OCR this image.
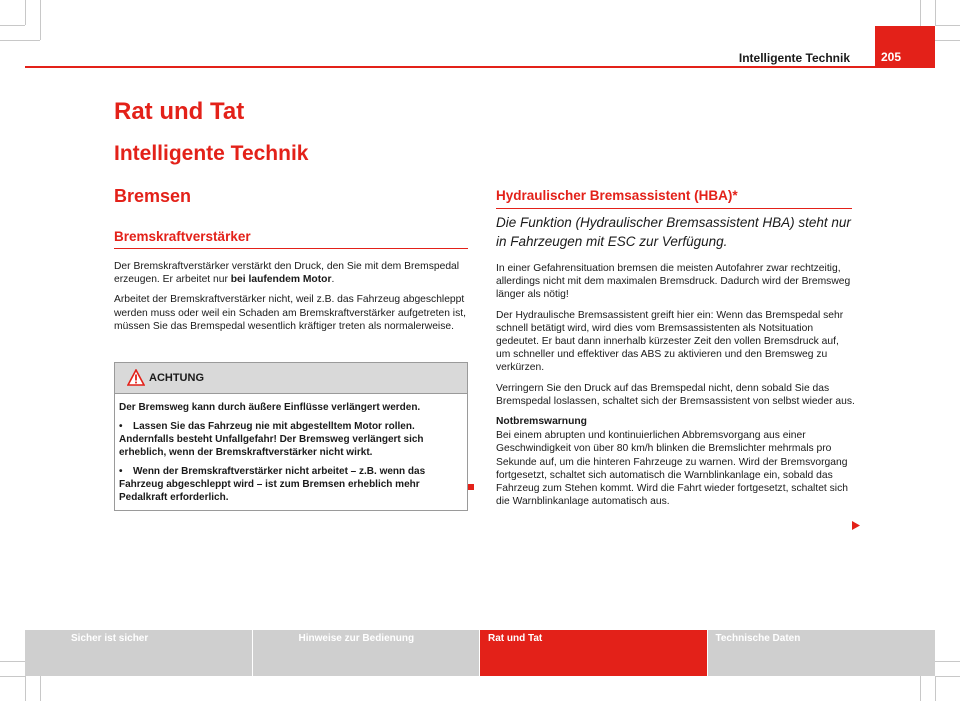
Intelligente Technik	205
Rat und Tat
Intelligente Technik
Bremsen
Bremskraftverstärker

Der Bremskraftverstärker verstärkt den Druck, den Sie mit dem Bremspedal erzeugen. Er arbeitet nur bei laufendem Motor.

Arbeitet der Bremskraftverstärker nicht, weil z.B. das Fahrzeug abgeschleppt werden muss oder weil ein Schaden am Bremskraftverstärker aufgetreten ist, müssen Sie das Bremspedal wesentlich kräftiger treten als normalerweise.

ACHTUNG

Der Bremsweg kann durch äußere Einflüsse verlängert werden.

• Lassen Sie das Fahrzeug nie mit abgestelltem Motor rollen. Andernfalls besteht Unfallgefahr! Der Bremsweg verlängert sich erheblich, wenn der Bremskraftverstärker nicht wirkt.

• Wenn der Bremskraftverstärker nicht arbeitet – z.B. wenn das Fahrzeug abgeschleppt wird – ist zum Bremsen erheblich mehr Pedalkraft erforderlich.

Hydraulischer Bremsassistent (HBA)*
Die Funktion (Hydraulischer Bremsassistent HBA) steht nur in Fahrzeugen mit ESC zur Verfügung.

In einer Gefahrensituation bremsen die meisten Autofahrer zwar rechtzeitig, allerdings nicht mit dem maximalen Bremsdruck. Dadurch wird der Bremsweg länger als nötig!

Der Hydraulische Bremsassistent greift hier ein: Wenn das Bremspedal sehr schnell betätigt wird, wird dies vom Bremsassistenten als Notsituation gedeutet. Er baut dann innerhalb kürzester Zeit den vollen Bremsdruck auf, um schneller und effektiver das ABS zu aktivieren und den Bremsweg zu verkürzen.

Verringern Sie den Druck auf das Bremspedal nicht, denn sobald Sie das Bremspedal loslassen, schaltet sich der Bremsassistent von selbst wieder aus.

Notbremswarnung

Bei einem abrupten und kontinuierlichen Abbremsvorgang aus einer Geschwindigkeit von über 80 km/h blinken die Bremslichter mehrmals pro Sekunde auf, um die hinteren Fahrzeuge zu warnen. Wird der Bremsvorgang fortgesetzt, schaltet sich automatisch die Warnblinkanlage ein, sobald das Fahrzeug zum Stehen kommt. Wird die Fahrt wieder fortgesetzt, schaltet sich die Warnblinkanlage automatisch aus.

Sicher ist sicher	Hinweise zur Bedienung	Rat und Tat	Technische Daten
